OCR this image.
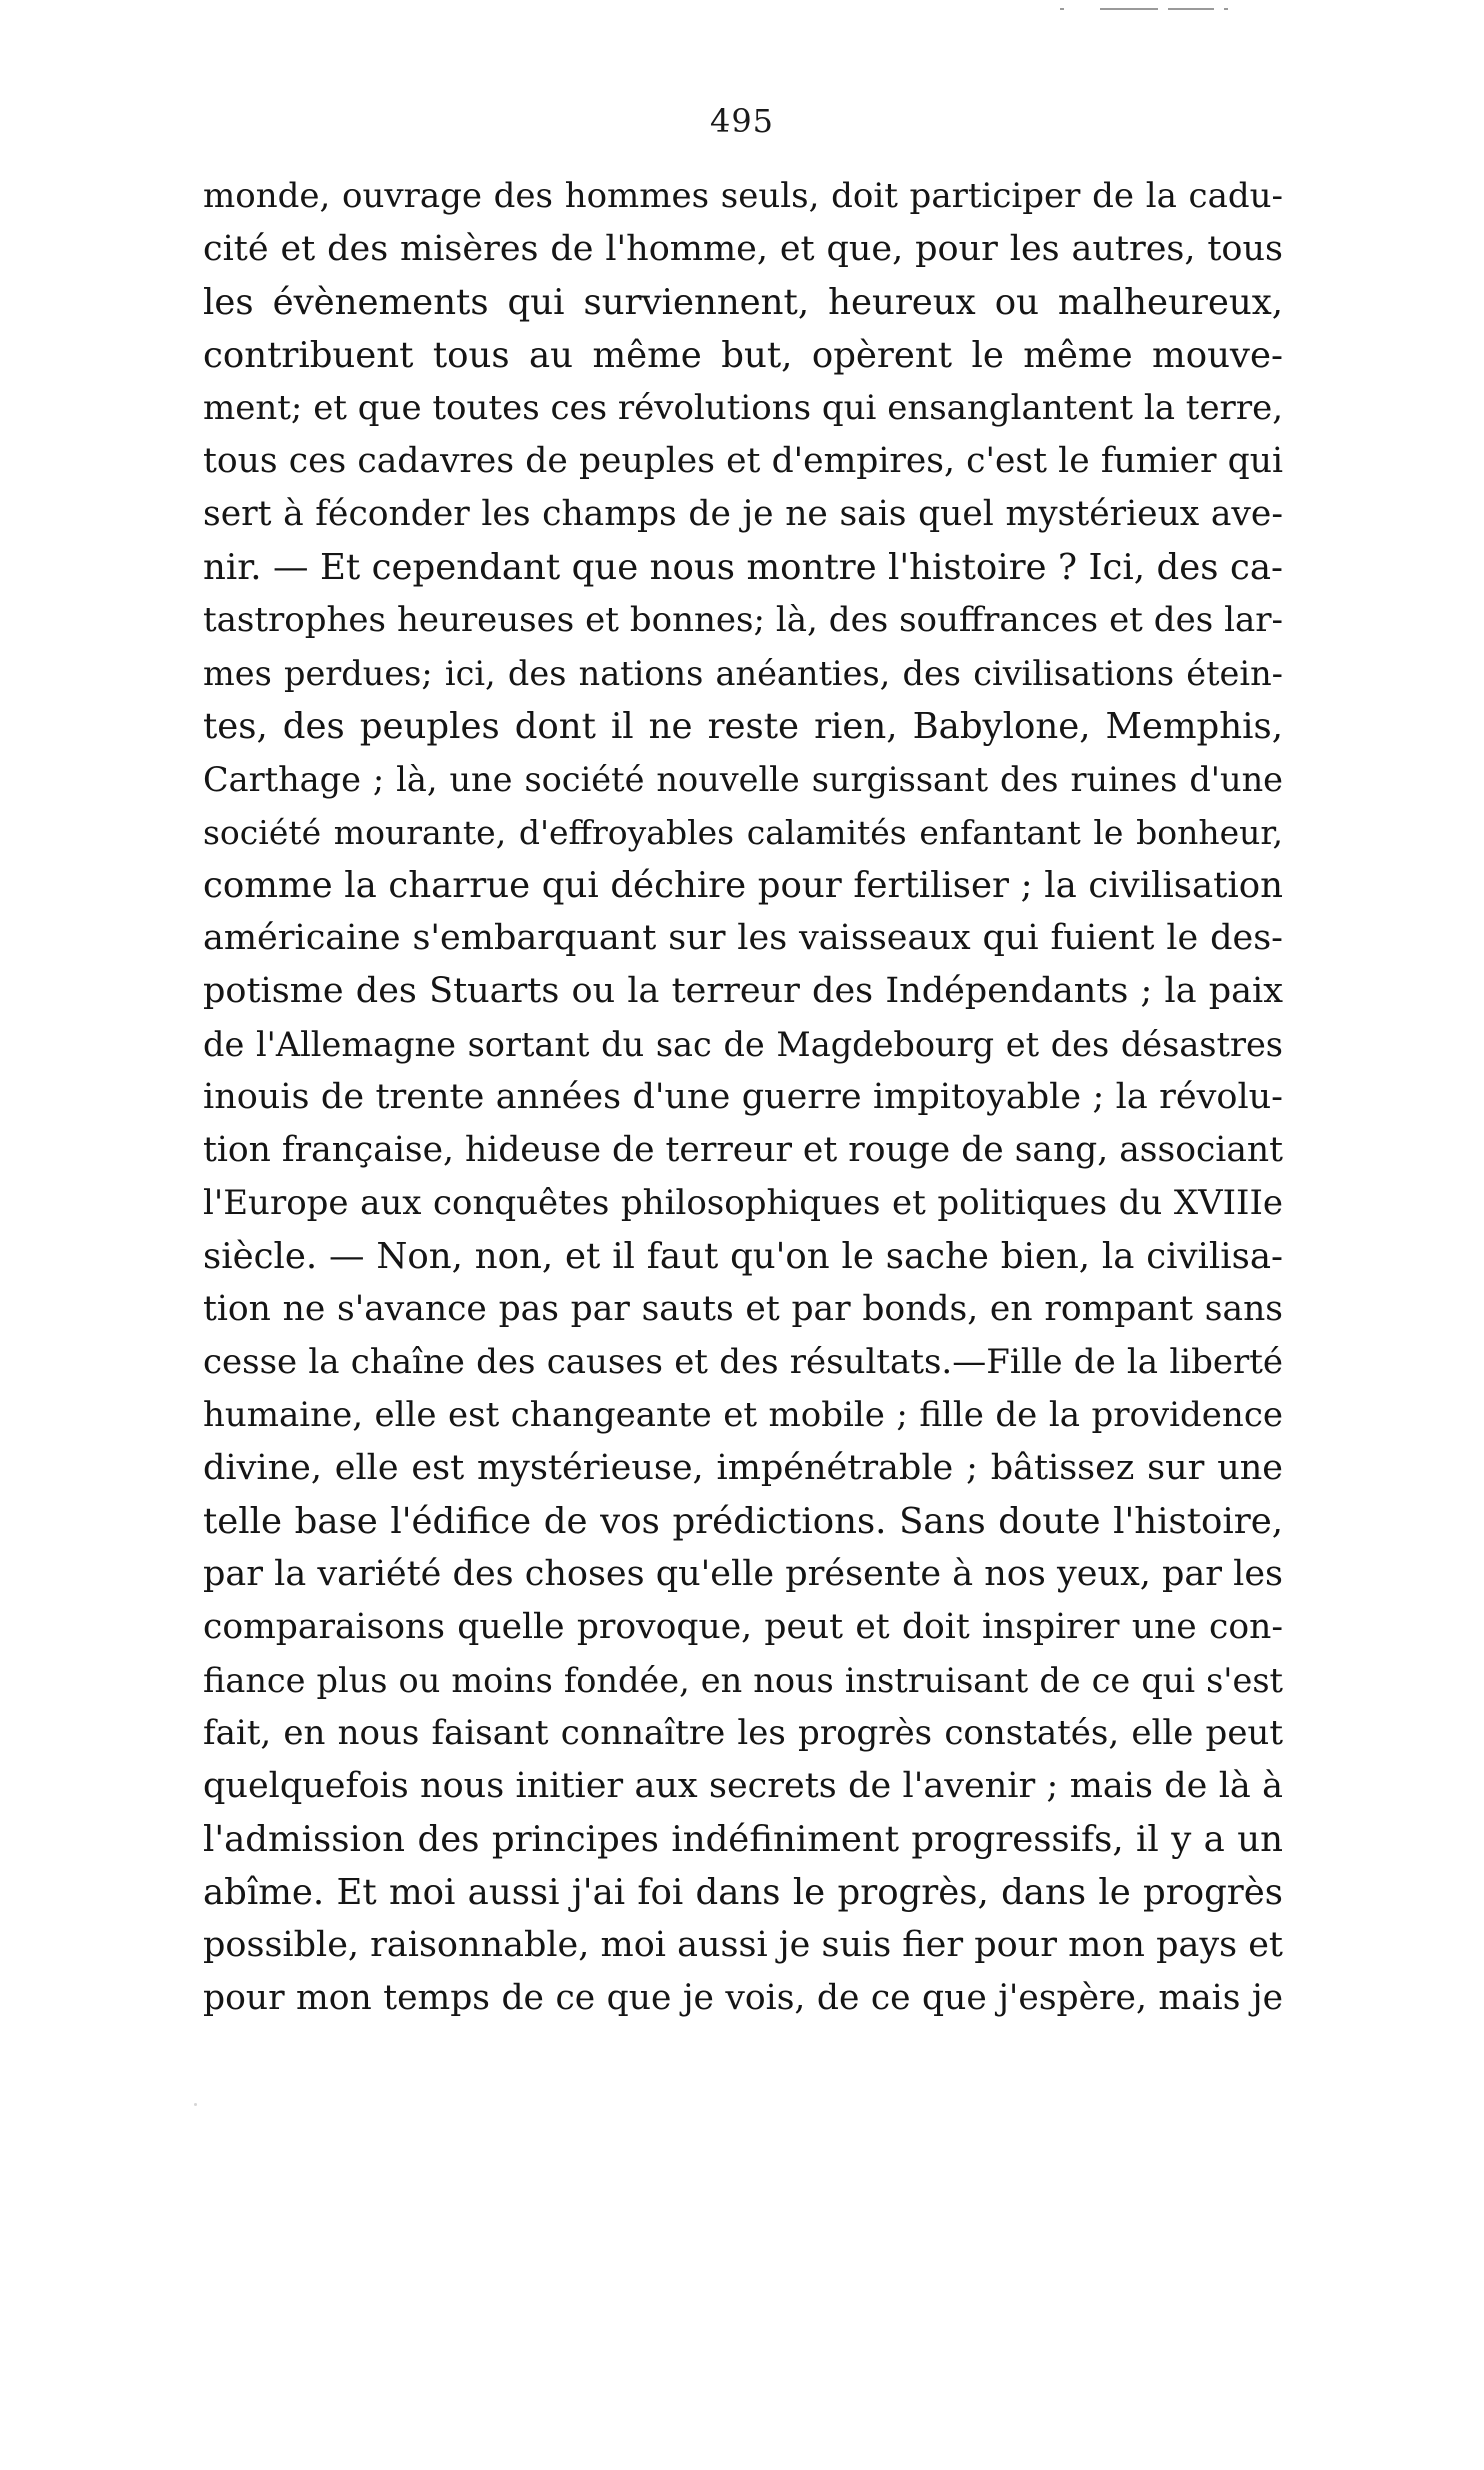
495
monde, ouvrage des hommes seuls, doit participer de la cadu-
cité et des misères de l'homme, et que, pour les autres, tous
les évènements qui surviennent, heureux ou malheureux,
contribuent tous au même but, opèrent le même mouve-
ment; et que toutes ces révolutions qui ensanglantent la terre,
tous ces cadavres de peuples et d'empires, c'est le fumier qui
sert à féconder les champs de je ne sais quel mystérieux ave-
nir. — Et cependant que nous montre l'histoire ? Ici, des ca-
tastrophes heureuses et bonnes; là, des souffrances et des lar-
mes perdues; ici, des nations anéanties, des civilisations étein-
tes, des peuples dont il ne reste rien, Babylone, Memphis,
Carthage ; là, une société nouvelle surgissant des ruines d'une
société mourante, d'effroyables calamités enfantant le bonheur,
comme la charrue qui déchire pour fertiliser ; la civilisation
américaine s'embarquant sur les vaisseaux qui fuient le des-
potisme des Stuarts ou la terreur des Indépendants ; la paix
de l'Allemagne sortant du sac de Magdebourg et des désastres
inouis de trente années d'une guerre impitoyable ; la révolu-
tion française, hideuse de terreur et rouge de sang, associant
l'Europe aux conquêtes philosophiques et politiques du XVIIIe
siècle. — Non, non, et il faut qu'on le sache bien, la civilisa-
tion ne s'avance pas par sauts et par bonds, en rompant sans
cesse la chaîne des causes et des résultats.—Fille de la liberté
humaine, elle est changeante et mobile ; fille de la providence
divine, elle est mystérieuse, impénétrable ; bâtissez sur une
telle base l'édifice de vos prédictions. Sans doute l'histoire,
par la variété des choses qu'elle présente à nos yeux, par les
comparaisons quelle provoque, peut et doit inspirer une con-
fiance plus ou moins fondée, en nous instruisant de ce qui s'est
fait, en nous faisant connaître les progrès constatés, elle peut
quelquefois nous initier aux secrets de l'avenir ; mais de là à
l'admission des principes indéfiniment progressifs, il y a un
abîme. Et moi aussi j'ai foi dans le progrès, dans le progrès
possible, raisonnable, moi aussi je suis fier pour mon pays et
pour mon temps de ce que je vois, de ce que j'espère, mais je
